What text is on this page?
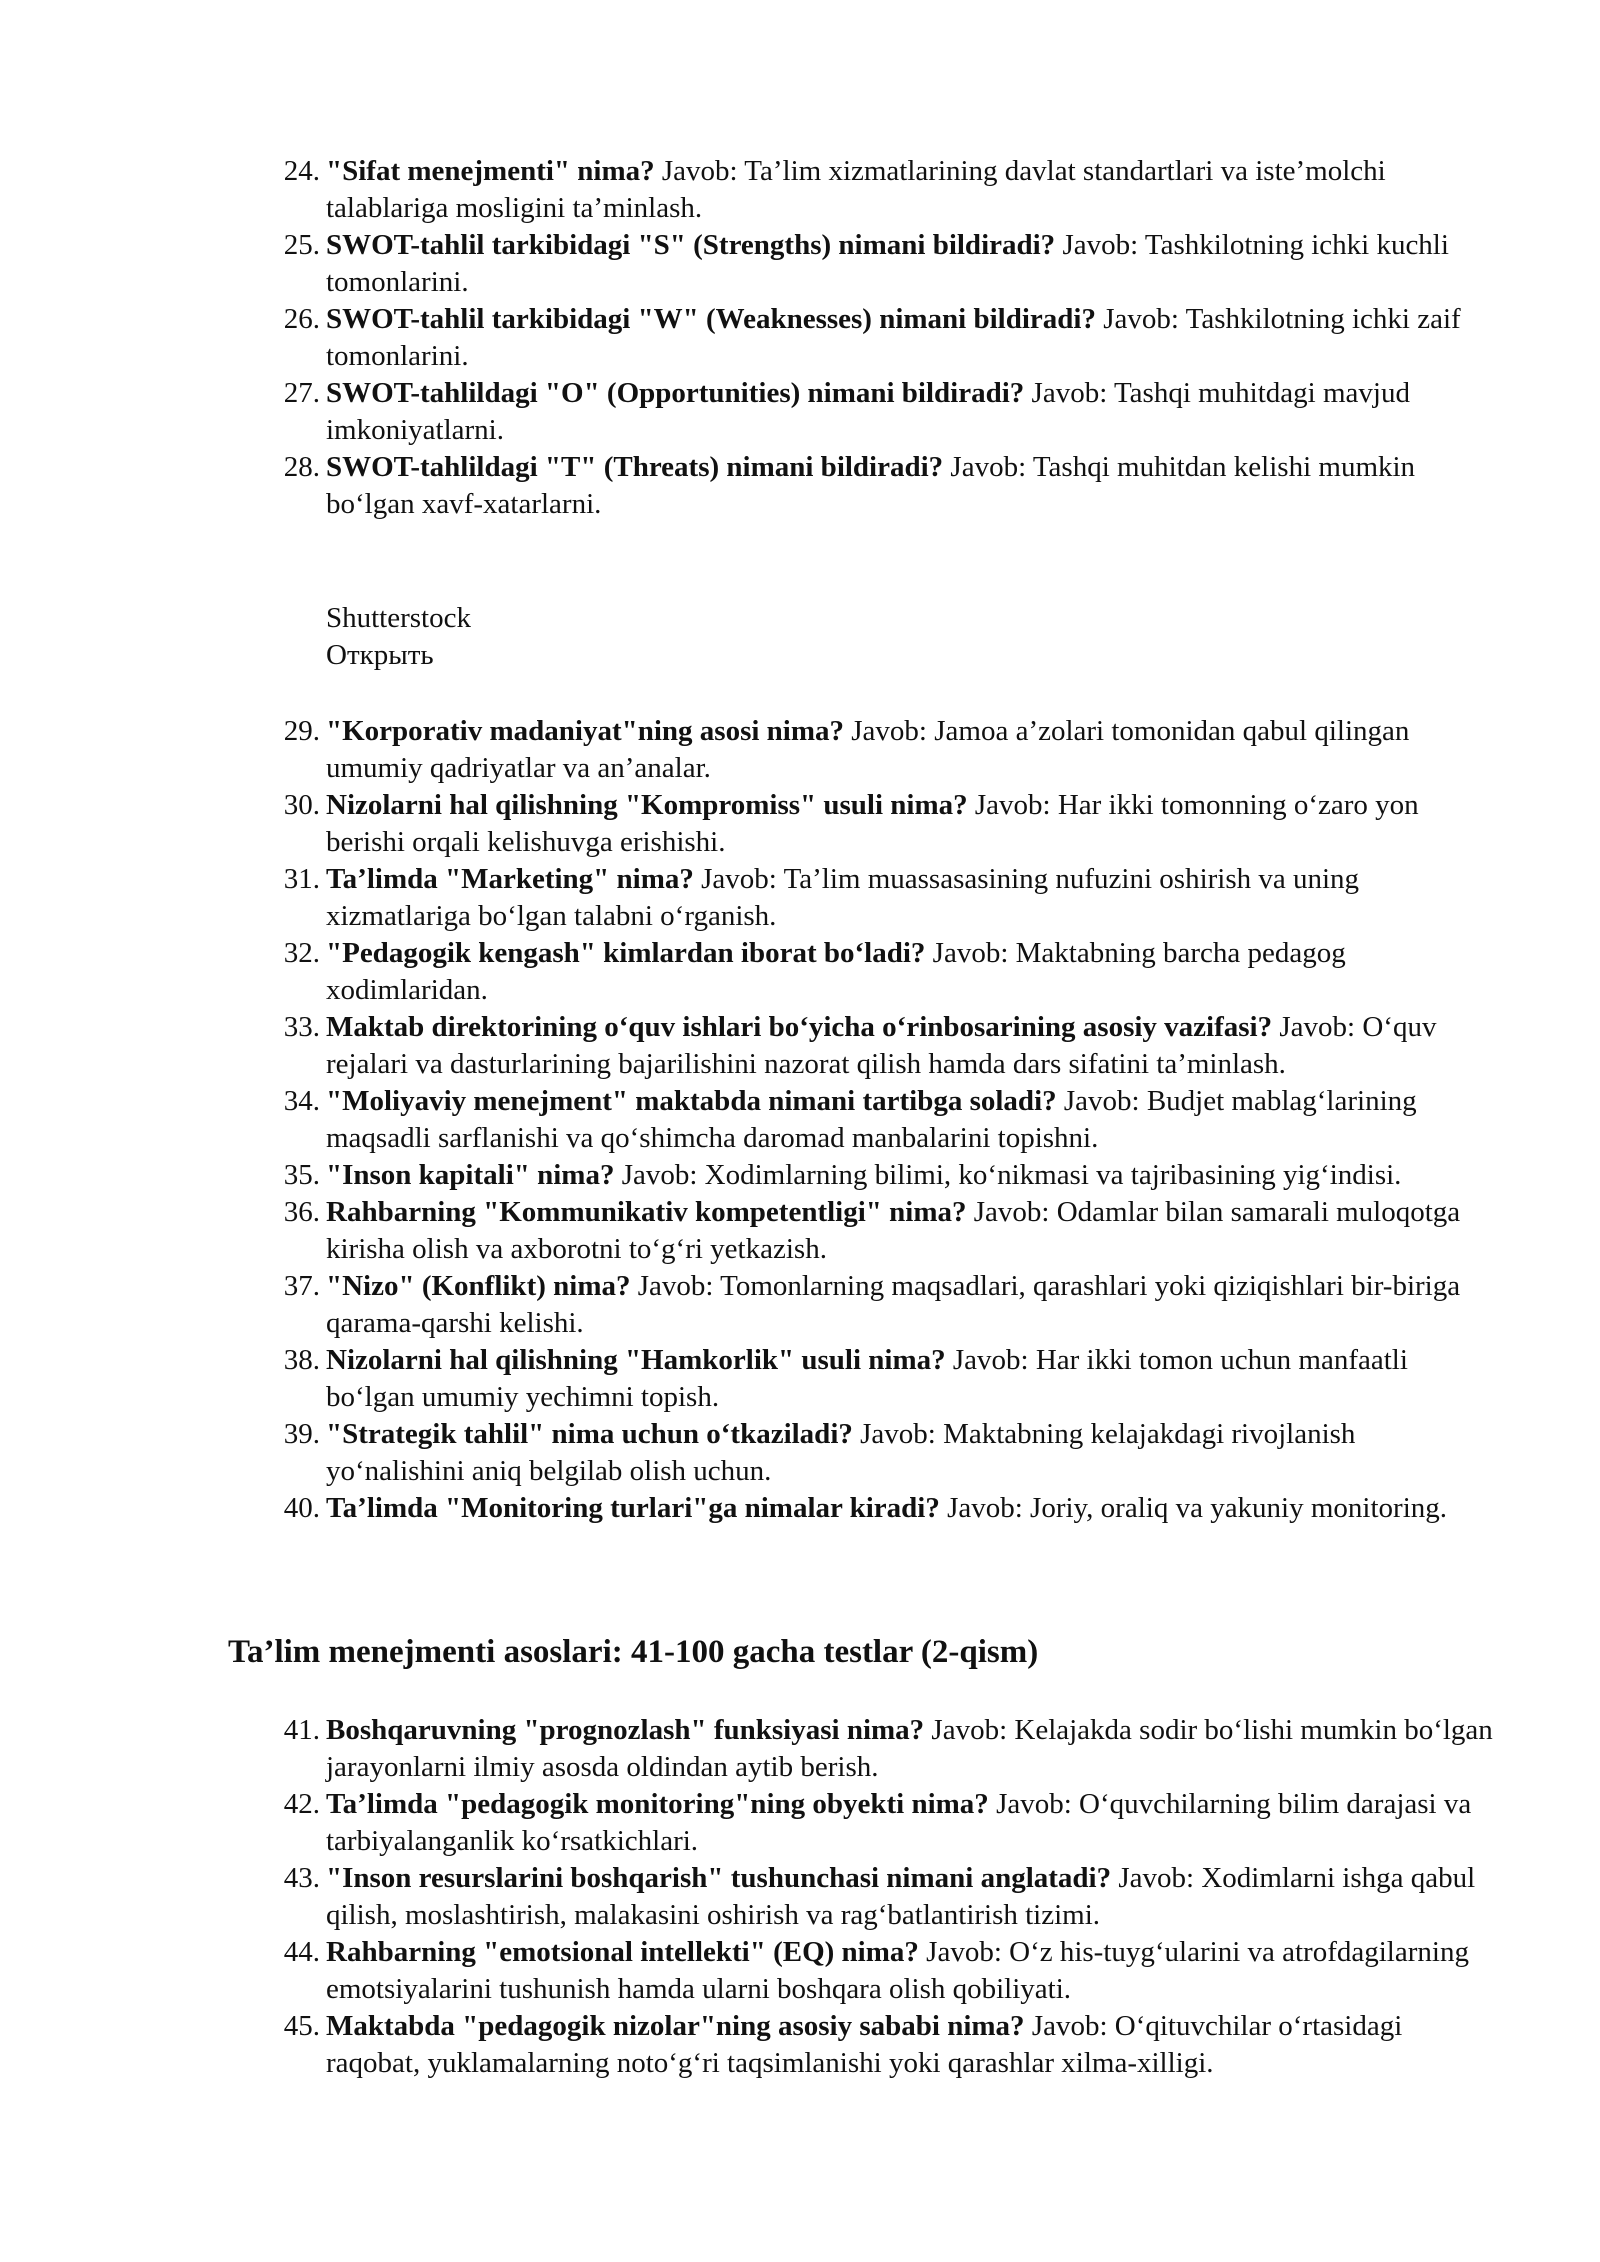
24. "Sifat menejmenti" nima? Javob: Ta’lim xizmatlarining davlat standartlari va iste’molchi talablariga mosligini ta’minlash.
25. SWOT-tahlil tarkibidagi "S" (Strengths) nimani bildiradi? Javob: Tashkilotning ichki kuchli tomonlarini.
26. SWOT-tahlil tarkibidagi "W" (Weaknesses) nimani bildiradi? Javob: Tashkilotning ichki zaif tomonlarini.
27. SWOT-tahlildagi "O" (Opportunities) nimani bildiradi? Javob: Tashqi muhitdagi mavjud imkoniyatlarni.
28. SWOT-tahlildagi "T" (Threats) nimani bildiradi? Javob: Tashqi muhitdan kelishi mumkin bo‘lgan xavf-xatarlarni.
Shutterstock
Открыть
29. "Korporativ madaniyat"ning asosi nima? Javob: Jamoa a’zolari tomonidan qabul qilingan umumiy qadriyatlar va an’analar.
30. Nizolarni hal qilishning "Kompromiss" usuli nima? Javob: Har ikki tomonning o‘zaro yon berishi orqali kelishuvga erishishi.
31. Ta’limda "Marketing" nima? Javob: Ta’lim muassasasining nufuzini oshirish va uning xizmatlariga bo‘lgan talabni o‘rganish.
32. "Pedagogik kengash" kimlardan iborat bo‘ladi? Javob: Maktabning barcha pedagog xodimlaridan.
33. Maktab direktorining o‘quv ishlari bo‘yicha o‘rinbosarining asosiy vazifasi? Javob: O‘quv rejalari va dasturlarining bajarilishini nazorat qilish hamda dars sifatini ta’minlash.
34. "Moliyaviy menejment" maktabda nimani tartibga soladi? Javob: Budjet mablag‘larining maqsadli sarflanishi va qo‘shimcha daromad manbalarini topishni.
35. "Inson kapitali" nima? Javob: Xodimlarning bilimi, ko‘nikmasi va tajribasining yig‘indisi.
36. Rahbarning "Kommunikativ kompetentligi" nima? Javob: Odamlar bilan samarali muloqotga kirisha olish va axborotni to‘g‘ri yetkazish.
37. "Nizo" (Konflikt) nima? Javob: Tomonlarning maqsadlari, qarashlari yoki qiziqishlari bir-biriga qarama-qarshi kelishi.
38. Nizolarni hal qilishning "Hamkorlik" usuli nima? Javob: Har ikki tomon uchun manfaatli bo‘lgan umumiy yechimni topish.
39. "Strategik tahlil" nima uchun o‘tkaziladi? Javob: Maktabning kelajakdagi rivojlanish yo‘nalishini aniq belgilab olish uchun.
40. Ta’limda "Monitoring turlari"ga nimalar kiradi? Javob: Joriy, oraliq va yakuniy monitoring.
Ta’lim menejmenti asoslari: 41-100 gacha testlar (2-qism)
41. Boshqaruvning "prognozlash" funksiyasi nima? Javob: Kelajakda sodir bo‘lishi mumkin bo‘lgan jarayonlarni ilmiy asosda oldindan aytib berish.
42. Ta’limda "pedagogik monitoring"ning obyekti nima? Javob: O‘quvchilarning bilim darajasi va tarbiyalanganlik ko‘rsatkichlari.
43. "Inson resurslarini boshqarish" tushunchasi nimani anglatadi? Javob: Xodimlarni ishga qabul qilish, moslashtirish, malakasini oshirish va rag‘batlantirish tizimi.
44. Rahbarning "emotsional intellekti" (EQ) nima? Javob: O‘z his-tuyg‘ularini va atrofdagilarning emotsiyalarini tushunish hamda ularni boshqara olish qobiliyati.
45. Maktabda "pedagogik nizolar"ning asosiy sababi nima? Javob: O‘qituvchilar o‘rtasidagi raqobat, yuklamalarning noto‘g‘ri taqsimlanishi yoki qarashlar xilma-xilligi.
